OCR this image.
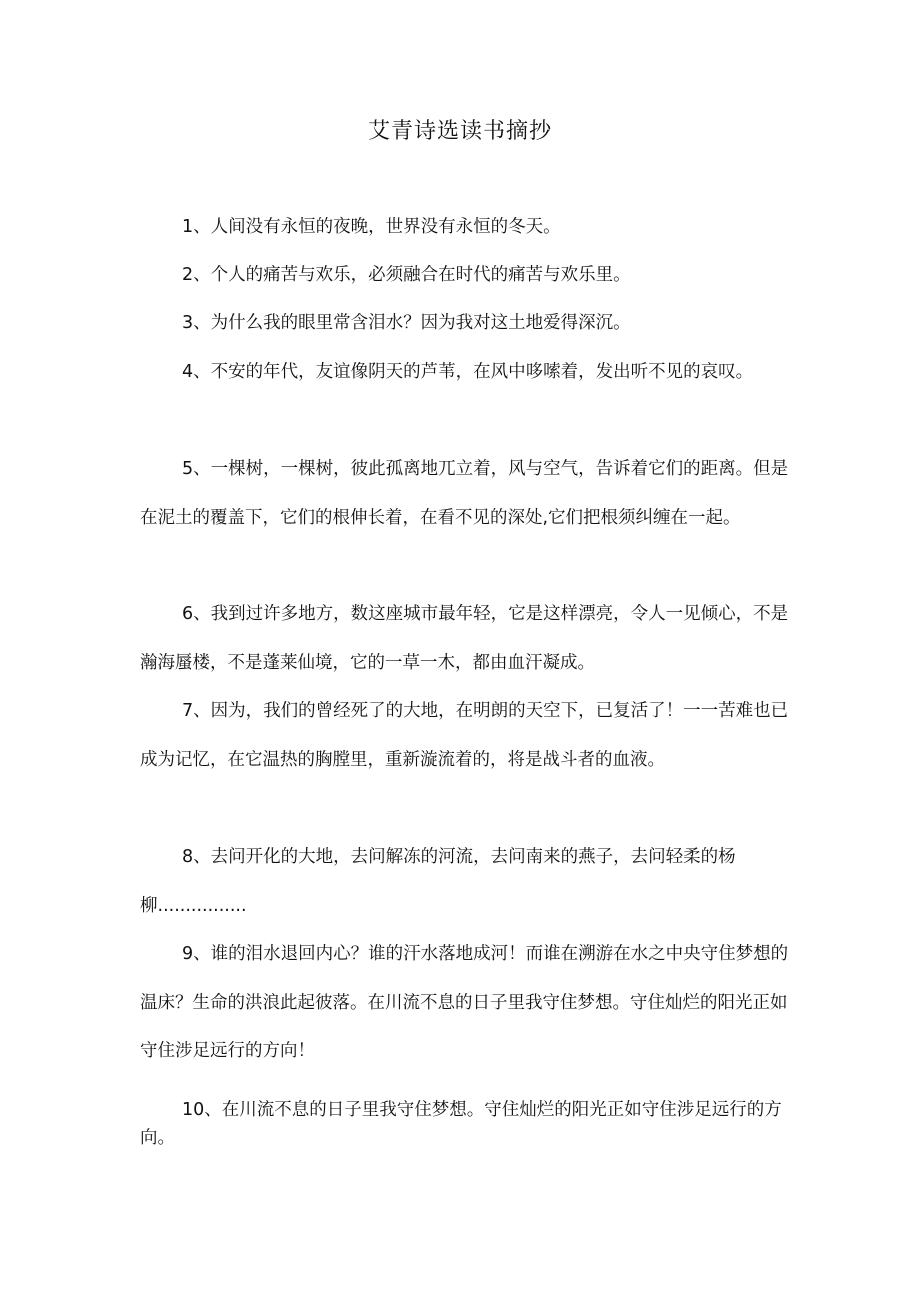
艾青诗选读书摘抄

1、人间没有永恒的夜晚，世界没有永恒的冬天。

2、个人的痛苦与欢乐，必须融合在时代的痛苦与欢乐里。

3、为什么我的眼里常含泪水？因为我对这土地爱得深沉。

4、不安的年代，友谊像阴天的芦苇，在风中哆嗦着，发出听不见的哀叹。

5、一棵树，一棵树，彼此孤离地兀立着，风与空气，告诉着它们的距离。但是在泥土的覆盖下，它们的根伸长着，在看不见的深处,它们把根须纠缠在一起。

6、我到过许多地方，数这座城市最年轻，它是这样漂亮，令人一见倾心，不是瀚海蜃楼，不是蓬莱仙境，它的一草一木，都由血汗凝成。

7、因为，我们的曾经死了的大地，在明朗的天空下，已复活了！一一苦难也已成为记忆，在它温热的胸膛里，重新漩流着的，将是战斗者的血液。

8、去问开化的大地，去问解冻的河流，去问南来的燕子，去问轻柔的杨柳................

9、谁的泪水退回内心？谁的汗水落地成河！而谁在溯游在水之中央守住梦想的温床？生命的洪浪此起彼落。在川流不息的日子里我守住梦想。守住灿烂的阳光正如守住涉足远行的方向！

10、在川流不息的日子里我守住梦想。守住灿烂的阳光正如守住涉足远行的方向。
